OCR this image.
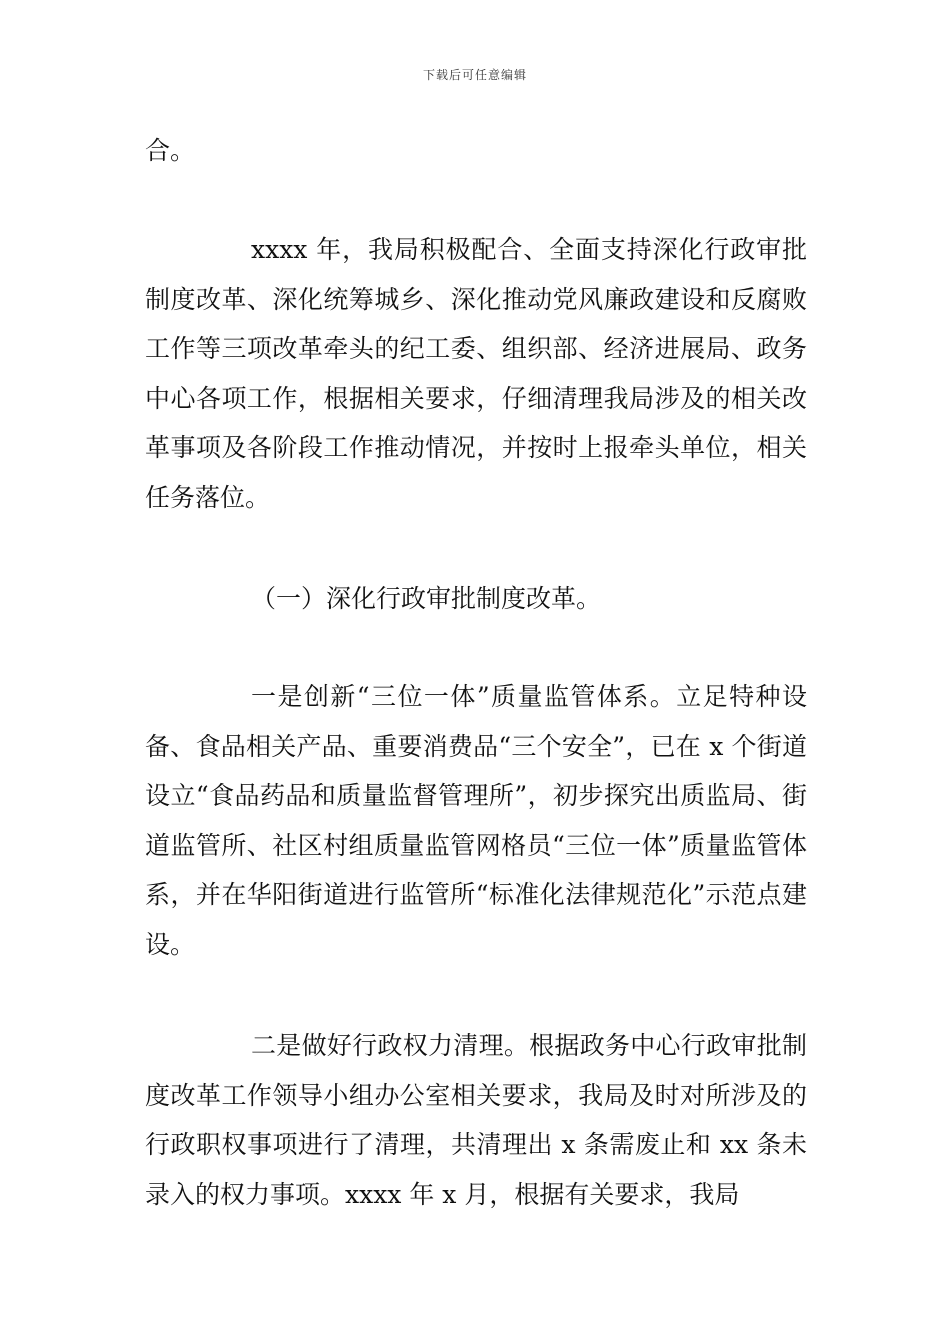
下载后可任意编辑

合。

xxxx 年，我局积极配合、全面支持深化行政审批制度改革、深化统筹城乡、深化推动党风廉政建设和反腐败工作等三项改革牵头的纪工委、组织部、经济进展局、政务中心各项工作，根据相关要求，仔细清理我局涉及的相关改革事项及各阶段工作推动情况，并按时上报牵头单位，相关任务落位。

（一）深化行政审批制度改革。

一是创新“三位一体”质量监管体系。立足特种设备、食品相关产品、重要消费品“三个安全”，已在 x 个街道设立“食品药品和质量监督管理所”，初步探究出质监局、街道监管所、社区村组质量监管网格员“三位一体”质量监管体系，并在华阳街道进行监管所“标准化法律规范化”示范点建设。

二是做好行政权力清理。根据政务中心行政审批制度改革工作领导小组办公室相关要求，我局及时对所涉及的行政职权事项进行了清理，共清理出 x 条需废止和 xx 条未录入的权力事项。xxxx 年 x 月，根据有关要求，我局
